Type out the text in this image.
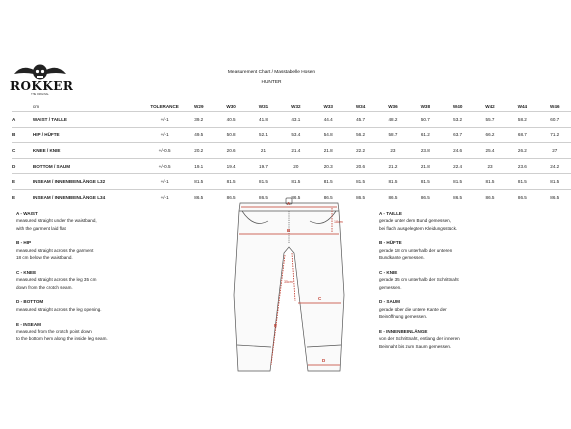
ROKKER
THE ORIGINAL
Measurement Chart / Masstabelle Hosen
HUNTER
	cm	TOLERANCE	W29	W30	W31	W32	W33	W34	W36	W38	W40	W42	W44	W46
A	WAIST / TAILLE	+/-1	39.2	40.5	41.8	43.1	44.4	45.7	48.2	50.7	53.2	55.7	58.2	60.7
B	HIP / HÜFTE	+/-1	49.5	50.8	52.1	53.4	54.8	56.2	58.7	61.2	63.7	66.2	68.7	71.2
C	KNEE / KNIE	+/-0.5	20.2	20.6	21	21.4	21.8	22.2	23	23.8	24.6	25.4	26.2	27
D	BOTTOM / SAUM	+/-0.5	19.1	19.4	19.7	20	20.3	20.6	21.2	21.8	22.4	23	23.6	24.2
E	INSEAM / INNENBEINLÄNGE L32	+/-1	81.5	81.5	81.5	81.5	81.5	81.5	81.5	81.5	81.5	81.5	81.5	81.5
E	INSEAM / INNENBEINLÄNGE L34	+/-1	86.5	86.5	86.5	86.5	86.5	86.5	86.5	86.5	86.5	86.5	86.5	86.5
A - WAIST
measured straight under the waistband,
with the garment laid flat
B - HIP
measured straight across the garment
18 cm below the waistband.
C - KNEE
measured straight across the leg 35 cm
down from the crotch seam.
D - BOTTOM
measured straight across the leg opening.
E - INSEAM
measured from the crotch point down
to the bottom hem along the inside leg seam.
A - TAILLE
gerade unter dem Bund gemessen,
bei flach ausgelegtem Kleidungsstück.
B - HÜFTE
gerade 18 cm unterhalb der unteren
Bundkante gemessen.
C - KNIE
gerade 35 cm unterhalb der Schrittnaht
gemessen.
D - SAUM
gerade über die untere Kante der
Beinöffnung gemessen.
E - INNENBEINLÄNGE
von der Schrittnaht, entlang der inneren
Beinnaht bis zum Saum gemessen.
A
B
18cm
C
35cm
D
E
